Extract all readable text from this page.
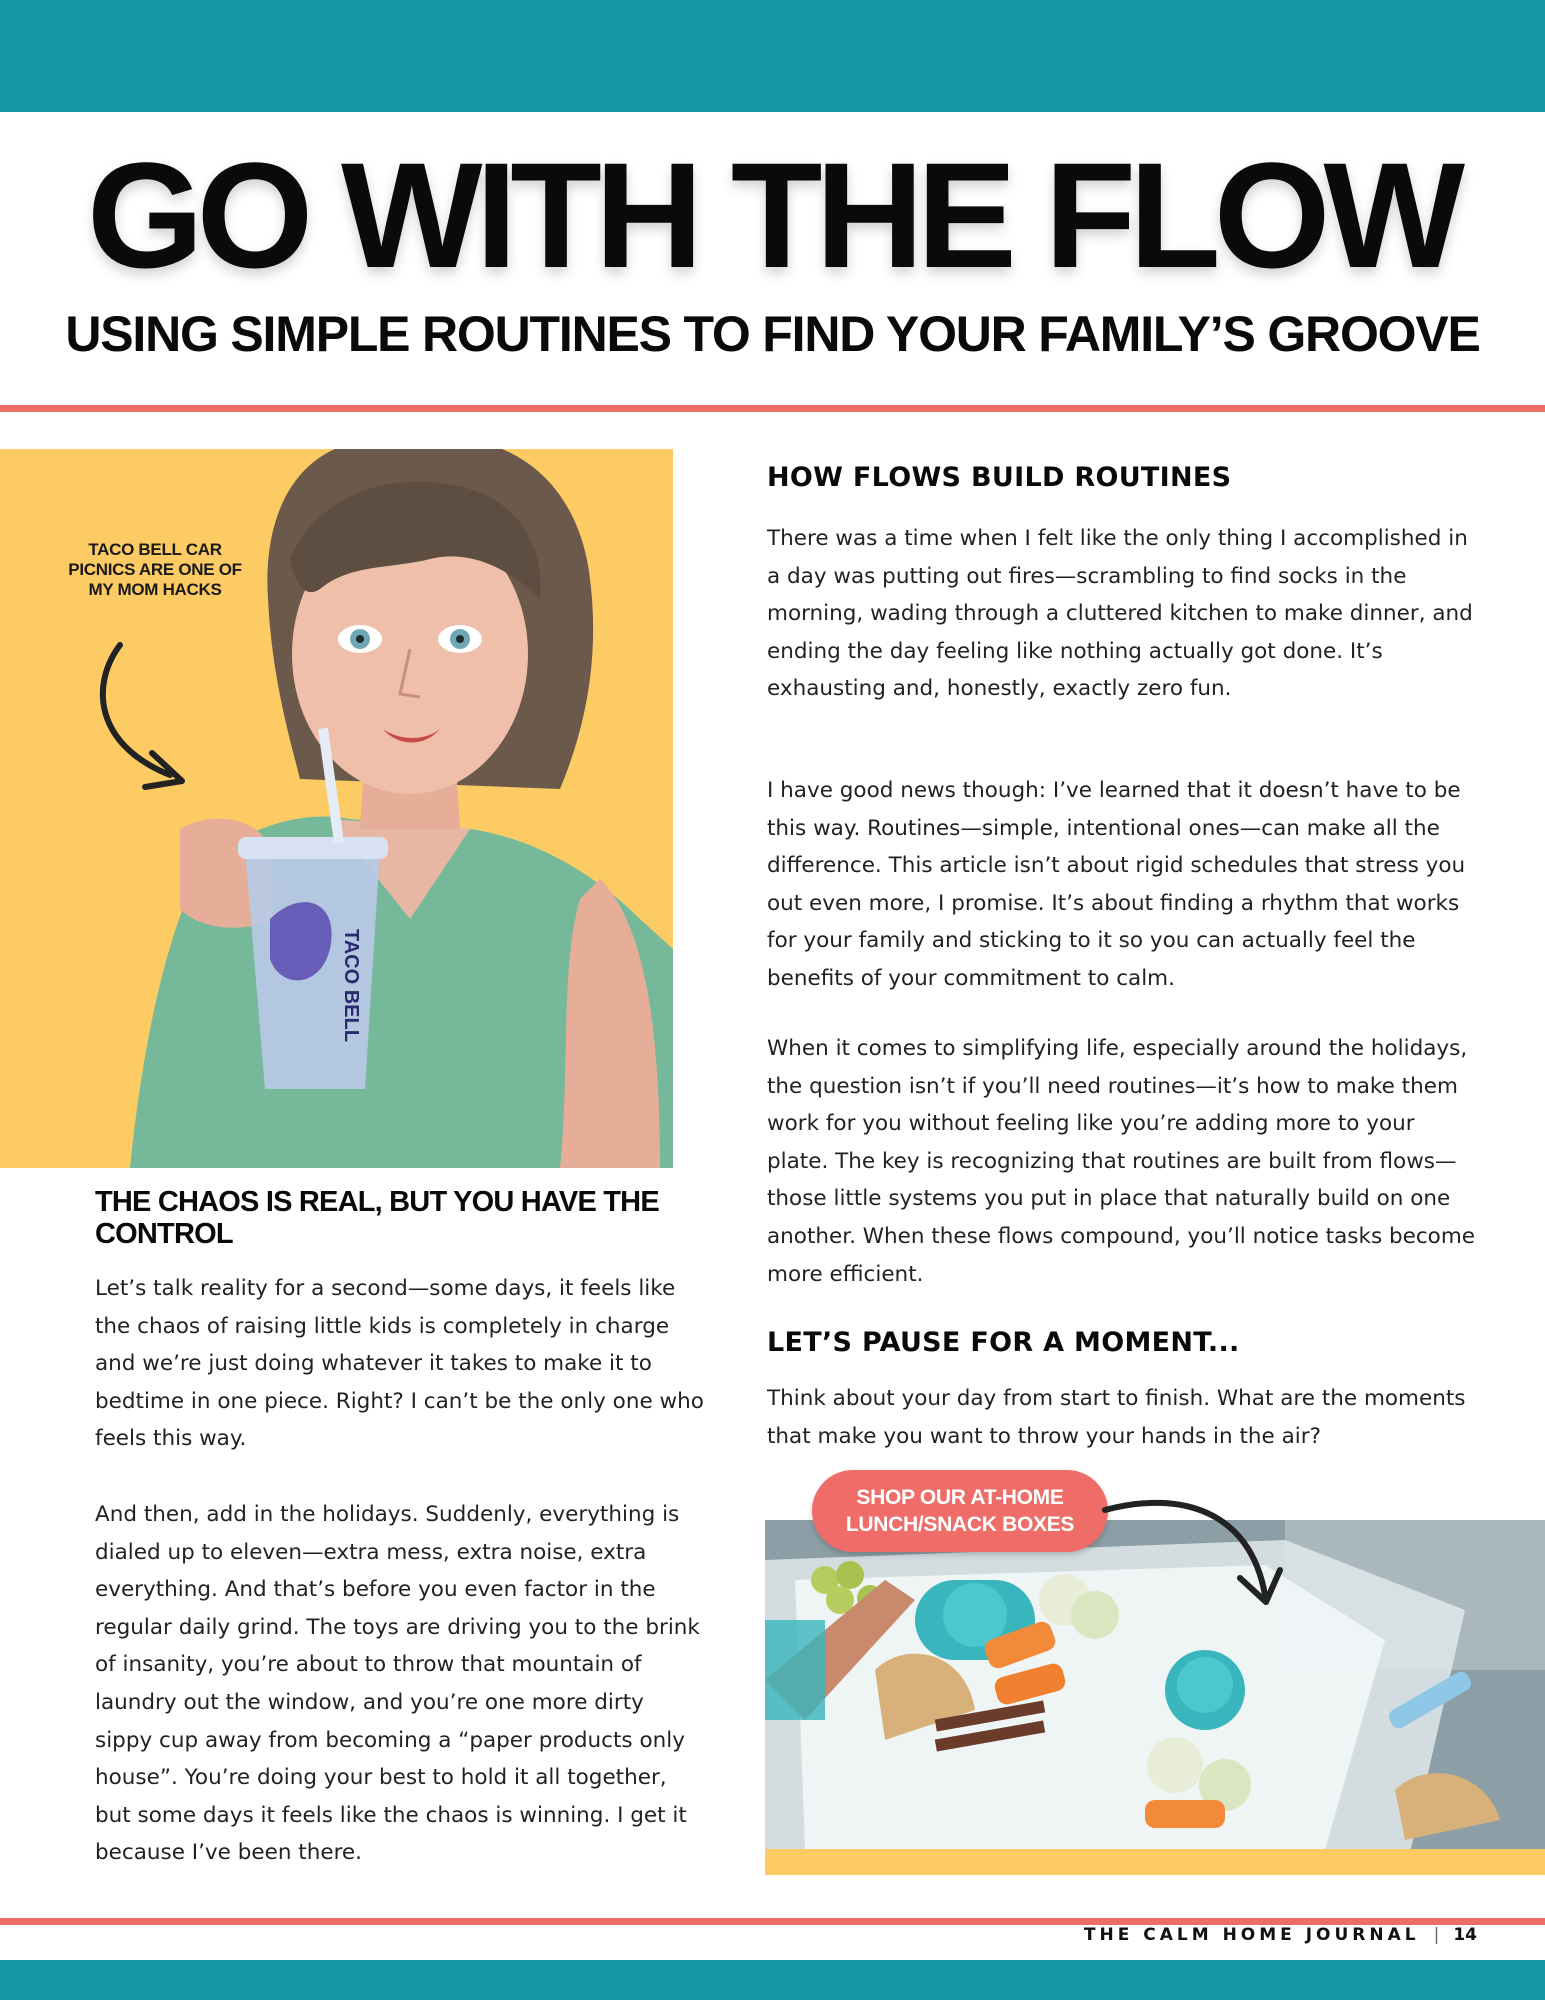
GO WITH THE FLOW
USING SIMPLE ROUTINES TO FIND YOUR FAMILY’S GROOVE
TACO BELL
TACO BELL CAR
PICNICS ARE ONE OF
MY MOM HACKS
THE CHAOS IS REAL, BUT YOU HAVE THE CONTROL

Let’s talk reality for a second—some days, it feels like the chaos of raising little kids is completely in charge and we’re just doing whatever it takes to make it to bedtime in one piece. Right? I can’t be the only one who feels this way.

And then, add in the holidays. Suddenly, everything is dialed up to eleven—extra mess, extra noise, extra everything. And that’s before you even factor in the regular daily grind. The toys are driving you to the brink of insanity, you’re about to throw that mountain of laundry out the window, and you’re one more dirty sippy cup away from becoming a “paper products only house”. You’re doing your best to hold it all together, but some days it feels like the chaos is winning. I get it because I’ve been there.

HOW FLOWS BUILD ROUTINES

There was a time when I felt like the only thing I accomplished in a day was putting out fires—scrambling to find socks in the morning, wading through a cluttered kitchen to make dinner, and ending the day feeling like nothing actually got done. It’s exhausting and, honestly, exactly zero fun.

I have good news though: I’ve learned that it doesn’t have to be this way. Routines—simple, intentional ones—can make all the difference. This article isn’t about rigid schedules that stress you out even more, I promise. It’s about finding a rhythm that works for your family and sticking to it so you can actually feel the benefits of your commitment to calm.

When it comes to simplifying life, especially around the holidays, the question isn’t if you’ll need routines—it’s how to make them work for you without feeling like you’re adding more to your plate. The key is recognizing that routines are built from flows—those little systems you put in place that naturally build on one another. When these flows compound, you’ll notice tasks become more efficient.

LET’S PAUSE FOR A MOMENT...

Think about your day from start to finish. What are the moments that make you want to throw your hands in the air?

SHOP OUR AT-HOME
LUNCH/SNACK BOXES
THE CALM HOME JOURNAL | 14
